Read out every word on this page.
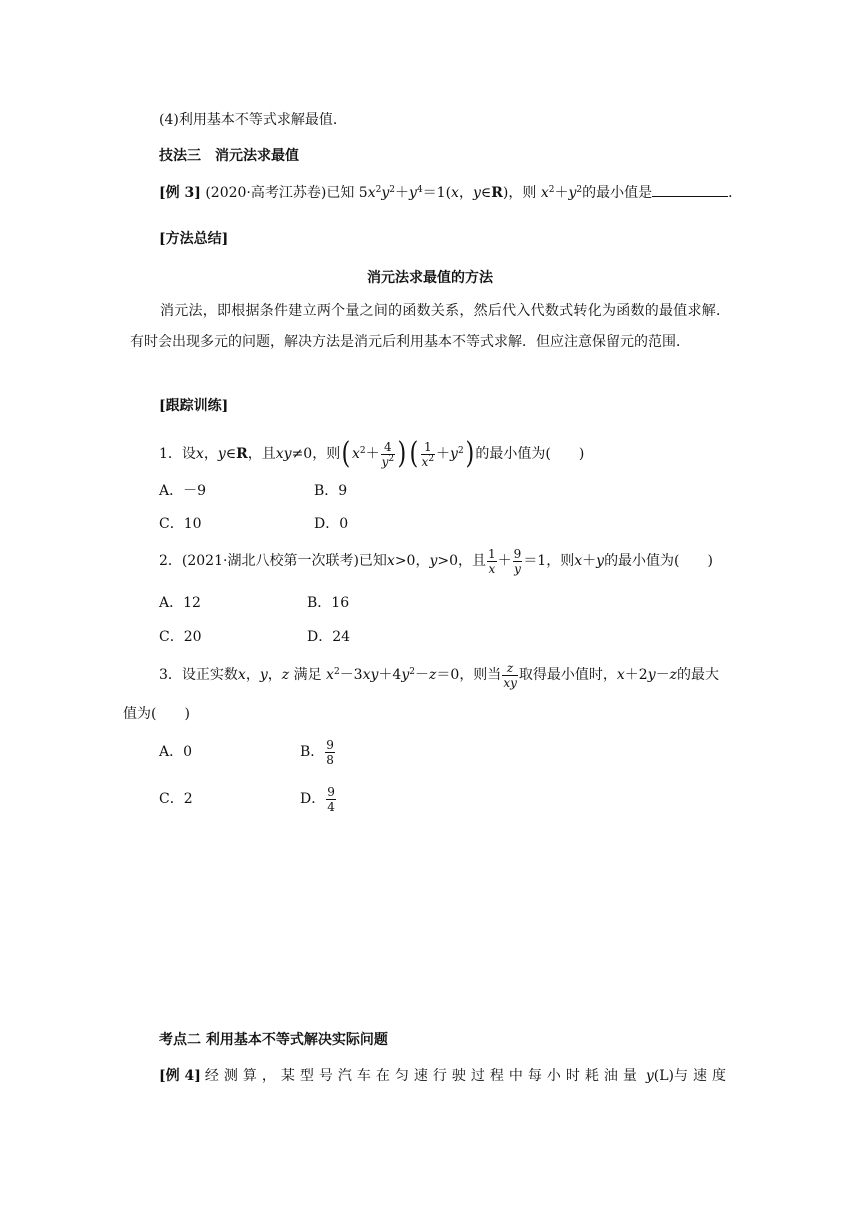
(4)利用基本不等式求解最值．
技法三　消元法求最值
[例 3] (2020·高考江苏卷)已知 $5x^2y^2+y^4=1(x$，y∈R)，则 $x^2+y^2$的最小值是	．
[方法总结]
消元法求最值的方法
消元法，即根据条件建立两个量之间的函数关系，然后代入代数式转化为函数的最值求解．有时会出现多元的问题，解决方法是消元后利用基本不等式求解．但应注意保留元的范围．
[跟踪训练]
1．设x，y∈R，且xy≠0，则($x^2+ \frac{4}{y^2}$ )( $\frac{1}{x^2} +y^2$)的最小值为(　　)
A．－9	B．9
C．10	D．0
2．(2021·湖北八校第一次联考)已知x>0，y>0，且 $\frac{1}{x} + \frac{9}{y} =1$，则x＋y的最小值为(　　)
A．12	B．16
C．20	D．24
3．设正实数x，y，z 满足 $x^2-3xy+4y^2-z=0$，则当 $\frac{z}{xy}$ 取得最小值时，x＋2y－z的最大
值为(　　)
A．0	B． $\frac{9}{8}$
C．2	D． $\frac{9}{4}$
考点二 利用基本不等式解决实际问题
[例 4] 经测算，某型号汽车在匀速行驶过程中每小时耗油量 y(L)与速度
